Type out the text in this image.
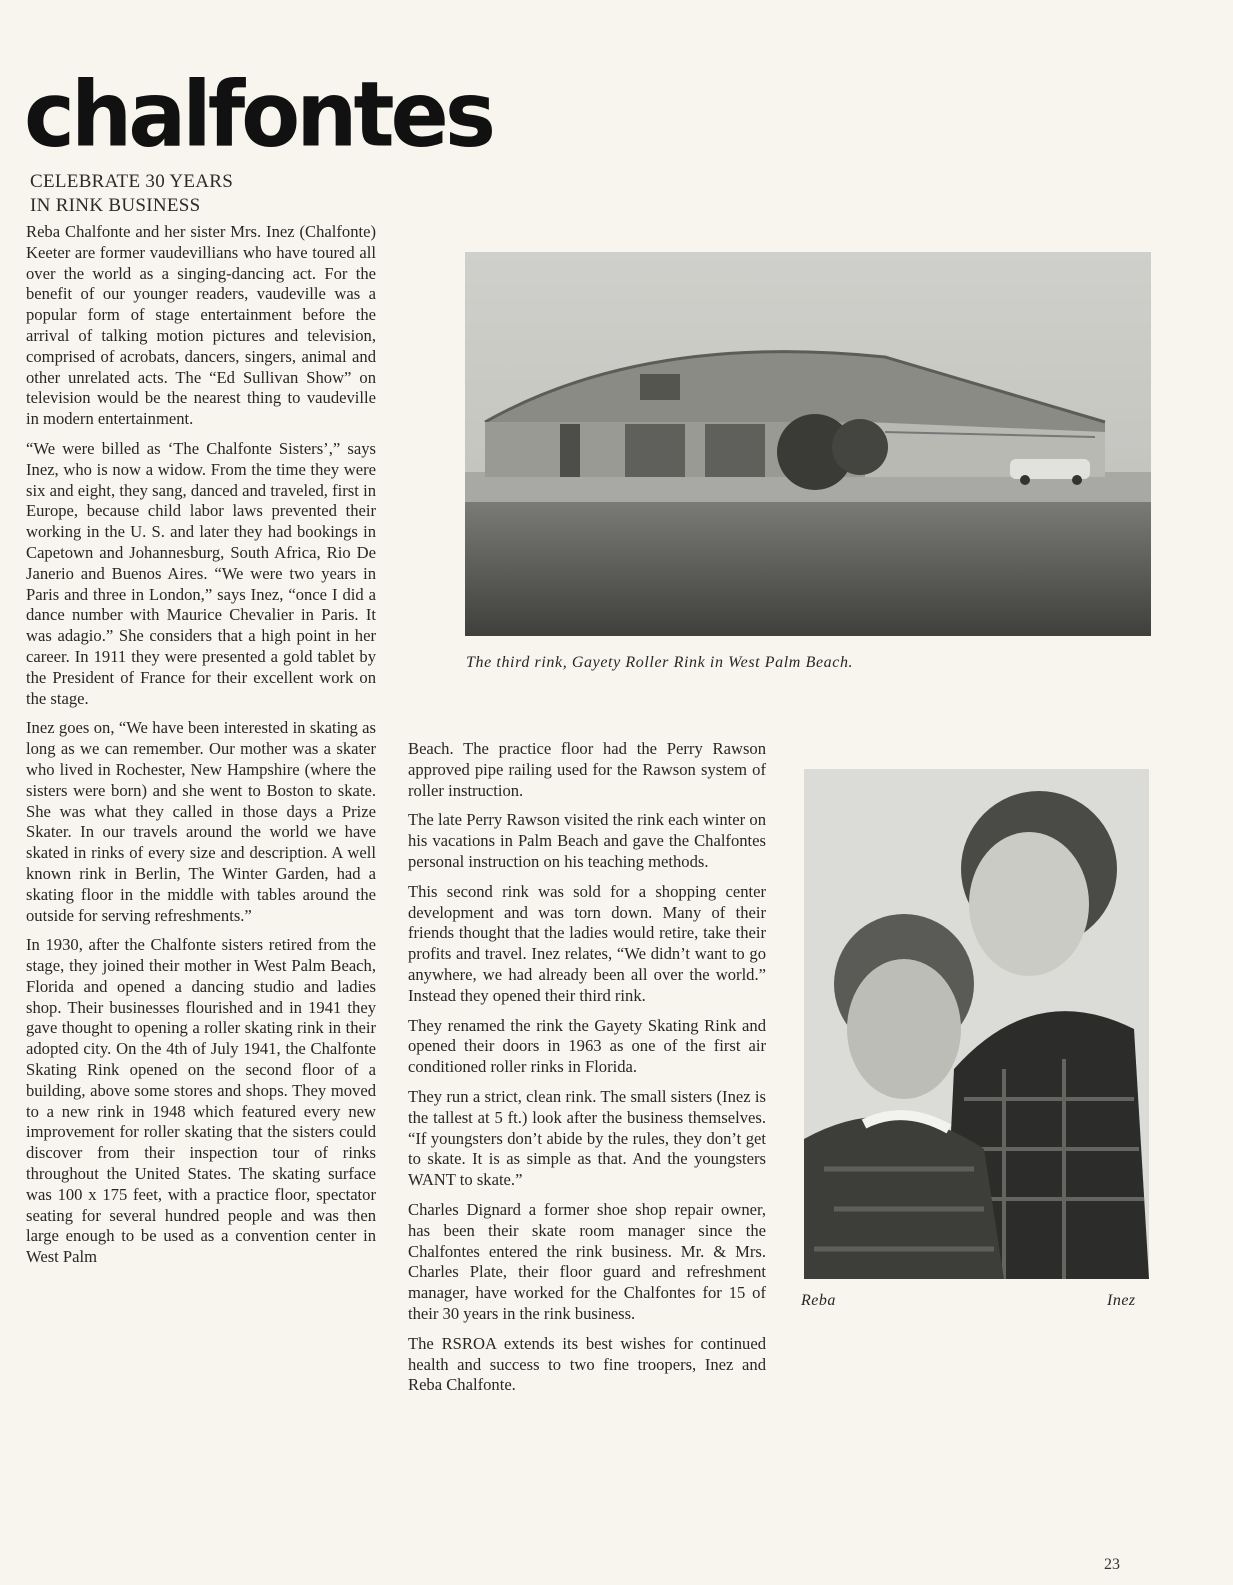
chalfontes
CELEBRATE 30 YEARS
IN RINK BUSINESS

Reba Chalfonte and her sister Mrs. Inez (Chalfonte) Keeter are former vaudevillians who have toured all over the world as a singing-dancing act. For the benefit of our younger readers, vaudeville was a popular form of stage entertainment before the arrival of talking motion pictures and television, comprised of acrobats, dancers, singers, animal and other unrelated acts. The “Ed Sullivan Show” on television would be the nearest thing to vaudeville in modern entertainment.

“We were billed as ‘The Chalfonte Sisters’,” says Inez, who is now a widow. From the time they were six and eight, they sang, danced and traveled, first in Europe, because child labor laws prevented their working in the U. S. and later they had bookings in Capetown and Johannesburg, South Africa, Rio De Janerio and Buenos Aires. “We were two years in Paris and three in London,” says Inez, “once I did a dance number with Maurice Chevalier in Paris. It was adagio.” She considers that a high point in her career. In 1911 they were presented a gold tablet by the President of France for their excellent work on the stage.

Inez goes on, “We have been interested in skating as long as we can remember. Our mother was a skater who lived in Rochester, New Hampshire (where the sisters were born) and she went to Boston to skate. She was what they called in those days a Prize Skater. In our travels around the world we have skated in rinks of every size and description. A well known rink in Berlin, The Winter Garden, had a skating floor in the middle with tables around the outside for serving refreshments.”

In 1930, after the Chalfonte sisters retired from the stage, they joined their mother in West Palm Beach, Florida and opened a dancing studio and ladies shop. Their businesses flourished and in 1941 they gave thought to opening a roller skating rink in their adopted city. On the 4th of July 1941, the Chalfonte Skating Rink opened on the second floor of a building, above some stores and shops. They moved to a new rink in 1948 which featured every new improvement for roller skating that the sisters could discover from their inspection tour of rinks throughout the United States. The skating surface was 100 x 175 feet, with a practice floor, spectator seating for several hundred people and was then large enough to be used as a convention center in West Palm

The third rink, Gayety Roller Rink in West Palm Beach.

Beach. The practice floor had the Perry Rawson approved pipe railing used for the Rawson system of roller instruction.

The late Perry Rawson visited the rink each winter on his vacations in Palm Beach and gave the Chalfontes personal instruction on his teaching methods.

This second rink was sold for a shopping center development and was torn down. Many of their friends thought that the ladies would retire, take their profits and travel. Inez relates, “We didn’t want to go anywhere, we had already been all over the world.” Instead they opened their third rink.

They renamed the rink the Gayety Skating Rink and opened their doors in 1963 as one of the first air conditioned roller rinks in Florida.

They run a strict, clean rink. The small sisters (Inez is the tallest at 5 ft.) look after the business themselves. “If youngsters don’t abide by the rules, they don’t get to skate. It is as simple as that. And the youngsters WANT to skate.”

Charles Dignard a former shoe shop repair owner, has been their skate room manager since the Chalfontes entered the rink business. Mr. & Mrs. Charles Plate, their floor guard and refreshment manager, have worked for the Chalfontes for 15 of their 30 years in the rink business.

The RSROA extends its best wishes for continued health and success to two fine troopers, Inez and Reba Chalfonte.

Reba	Inez
23
